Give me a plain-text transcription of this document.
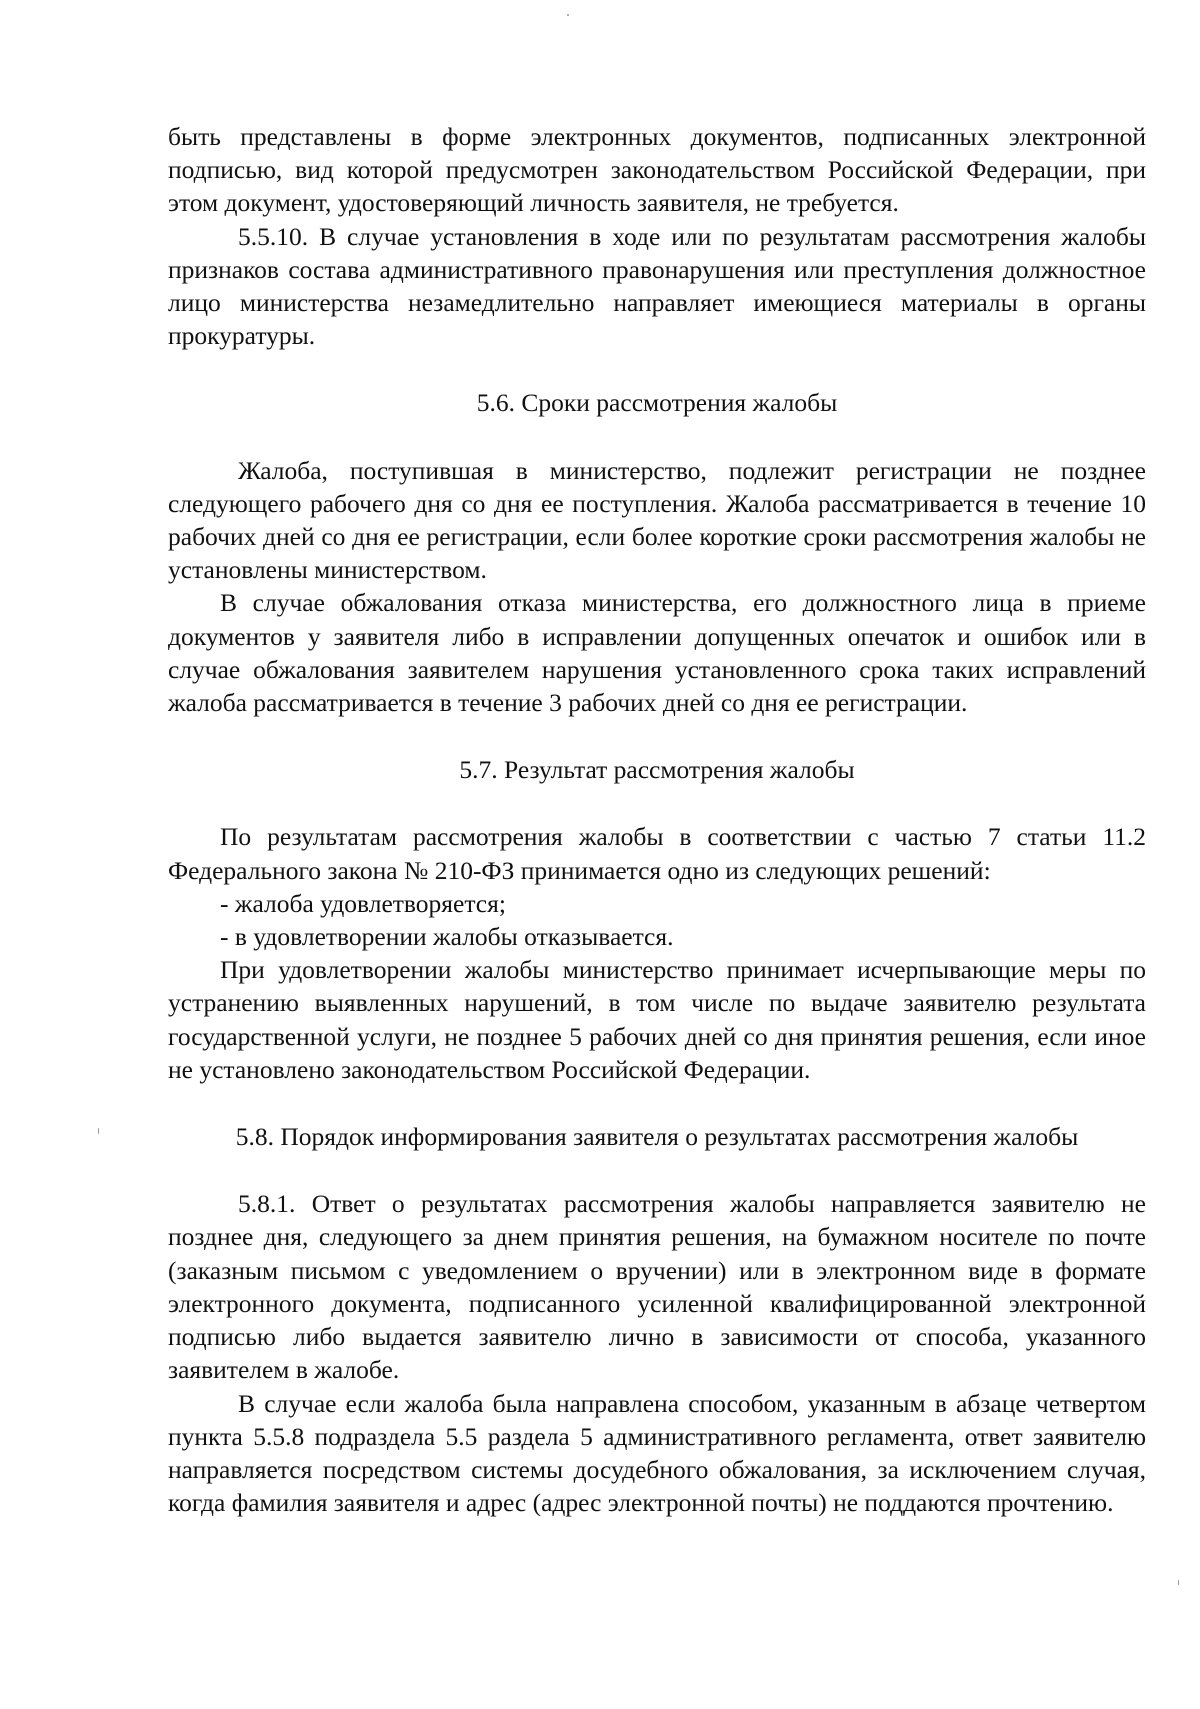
быть представлены в форме электронных документов, подписанных электронной подписью, вид которой предусмотрен законодательством Российской Федерации, при этом документ, удостоверяющий личность заявителя, не требуется.

5.5.10. В случае установления в ходе или по результатам рассмотрения жалобы признаков состава административного правонарушения или преступления должностное лицо министерства незамедлительно направляет имеющиеся материалы в органы прокуратуры.

5.6. Сроки рассмотрения жалобы

Жалоба, поступившая в министерство, подлежит регистрации не позднее следующего рабочего дня со дня ее поступления. Жалоба рассматривается в течение 10 рабочих дней со дня ее регистрации, если более короткие сроки рассмотрения жалобы не установлены министерством.

В случае обжалования отказа министерства, его должностного лица в приеме документов у заявителя либо в исправлении допущенных опечаток и ошибок или в случае обжалования заявителем нарушения установленного срока таких исправлений жалоба рассматривается в течение 3 рабочих дней со дня ее регистрации.

5.7. Результат рассмотрения жалобы

По результатам рассмотрения жалобы в соответствии с частью 7 статьи 11.2 Федерального закона № 210-ФЗ принимается одно из следующих решений:

- жалоба удовлетворяется;

- в удовлетворении жалобы отказывается.

При удовлетворении жалобы министерство принимает исчерпывающие меры по устранению выявленных нарушений, в том числе по выдаче заявителю результата государственной услуги, не позднее 5 рабочих дней со дня принятия решения, если иное не установлено законодательством Российской Федерации.

5.8. Порядок информирования заявителя о результатах рассмотрения жалобы

5.8.1. Ответ о результатах рассмотрения жалобы направляется заявителю не позднее дня, следующего за днем принятия решения, на бумажном носителе по почте (заказным письмом с уведомлением о вручении) или в электронном виде в формате электронного документа, подписанного усиленной квалифицированной электронной подписью либо выдается заявителю лично в зависимости от способа, указанного заявителем в жалобе.

В случае если жалоба была направлена способом, указанным в абзаце четвертом пункта 5.5.8 подраздела 5.5 раздела 5 административного регламента, ответ заявителю направляется посредством системы досудебного обжалования, за исключением случая, когда фамилия заявителя и адрес (адрес электронной почты) не поддаются прочтению.
